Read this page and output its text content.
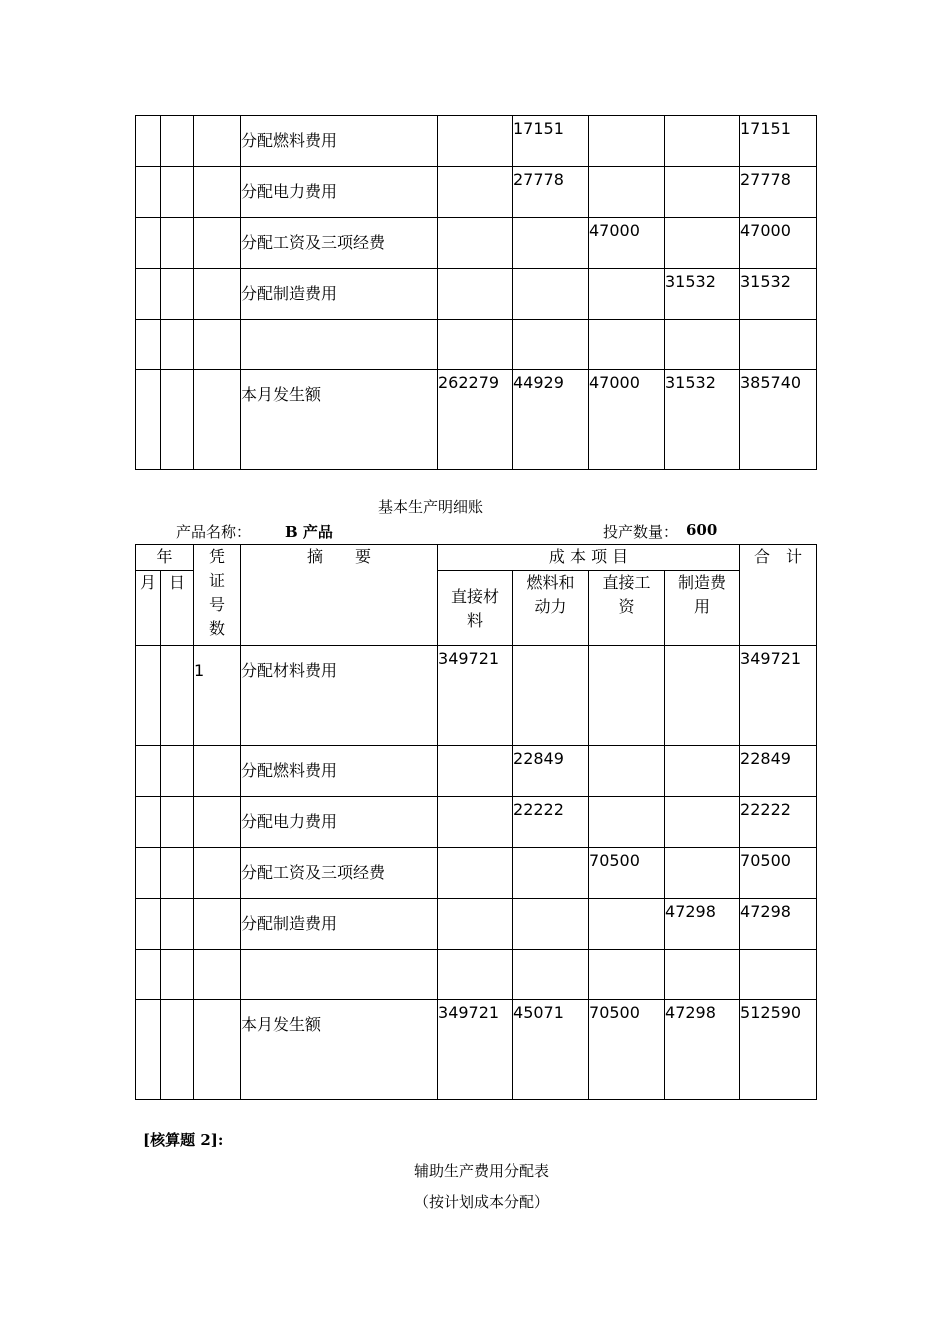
			分配燃料费用		17151			17151

			分配电力费用		27778			27778

			分配工资及三项经费			47000		47000

			分配制造费用				31532	31532

			本月发生额	262279	44929	47000	31532	385740
基本生产明细账
产品名称： B 产品	投产数量： 600
年		凭证号数	摘　　要	成 本 项 目				合　计
月	日			直接材料	燃料和动力	直接工资	制造费用	

		1	分配材料费用	349721				349721

			分配燃料费用		22849			22849

			分配电力费用		22222			22222

			分配工资及三项经费			70500		70500

			分配制造费用				47298	47298

			本月发生额	349721	45071	70500	47298	512590
[核算题 2]:
辅助生产费用分配表
（按计划成本分配）
